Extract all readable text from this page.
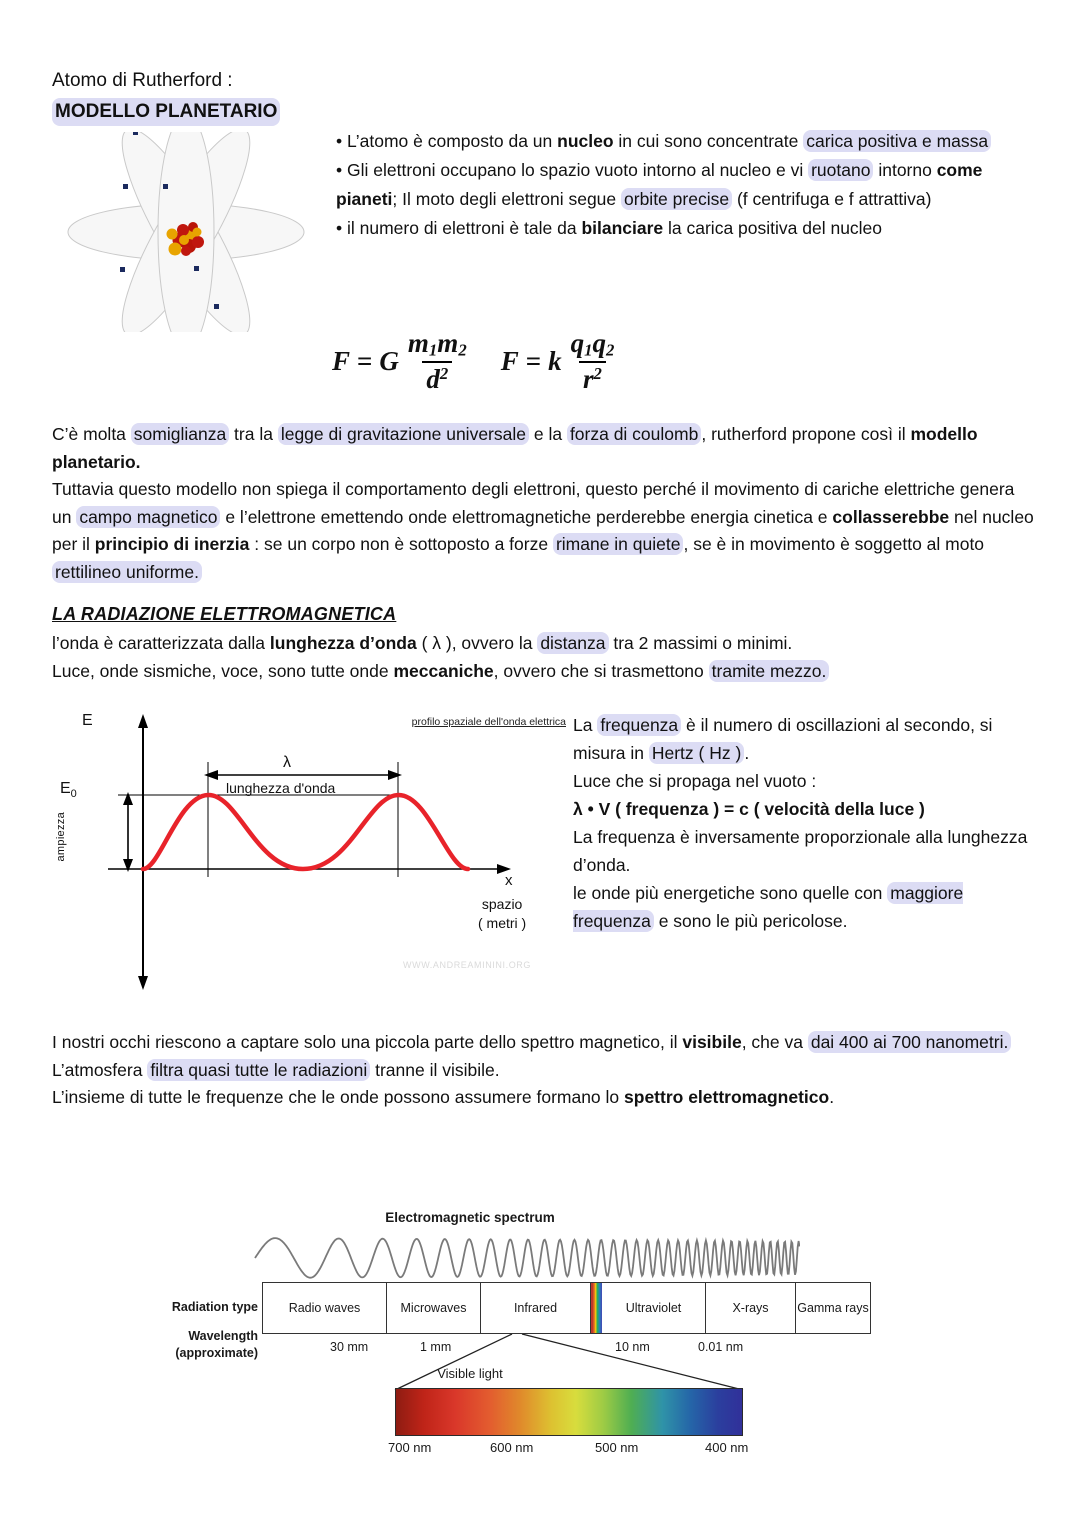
Atomo di Rutherford :
MODELLO PLANETARIO

• L’atomo è composto da un nucleo in cui sono concentrate carica positiva e massa

• Gli elettroni occupano lo spazio vuoto intorno al nucleo e vi ruotano intorno come pianeti; Il moto degli elettroni segue orbite precise (f centrifuga e f attrattiva)

• il numero di elettroni è tale da bilanciare la carica positiva del nucleo

F = G $\frac{m_1m_2}{d^2}$
F = k $\frac{q_1q_2}{r^2}$
C’è molta somiglianza tra la legge di gravitazione universale e la forza di coulomb , rutherford propone così il modello planetario.
Tuttavia questo modello non spiega il comportamento degli elettroni, questo perché il movimento di cariche elettriche genera un campo magnetico e l’elettrone emettendo onde elettromagnetiche perderebbe energia cinetica e collasserebbe nel nucleo per il principio di inerzia : se un corpo non è sottoposto a forze rimane in quiete , se è in movimento è soggetto al moto rettilineo uniforme.
LA RADIAZIONE ELETTROMAGNETICA
l’onda è caratterizzata dalla lunghezza d’onda ( λ ), ovvero la distanza tra 2 massimi o minimi.
Luce, onde sismiche, voce, sono tutte onde meccaniche, ovvero che si trasmettono tramite mezzo.
profilo spaziale dell'onda elettrica
E
$E_0$
ampiezza
λ
lunghezza d'onda
x
spazio
( metri )
WWW.ANDREAMININI.ORG
La frequenza è il numero di oscillazioni al secondo, si misura in Hertz ( Hz ) .
Luce che si propaga nel vuoto :
λ • V ( frequenza ) = c ( velocità della luce )
La frequenza è inversamente proporzionale alla lunghezza d’onda.
le onde più energetiche sono quelle con maggiore frequenza e sono le più pericolose.
I nostri occhi riescono a captare solo una piccola parte dello spettro magnetico, il visibile, che va dai 400 ai 700 nanometri.
L’atmosfera filtra quasi tutte le radiazioni tranne il visibile.
L’insieme di tutte le frequenze che le onde possono assumere formano lo spettro elettromagnetico.
Electromagnetic spectrum
Radiation type
Wavelength
(approximate)
Radio waves	Microwaves	Infrared	Ultraviolet	X-rays	Gamma rays
30 mm	1 mm	10 nm	0.01 nm
Visible light
700 nm	600 nm	500 nm	400 nm
